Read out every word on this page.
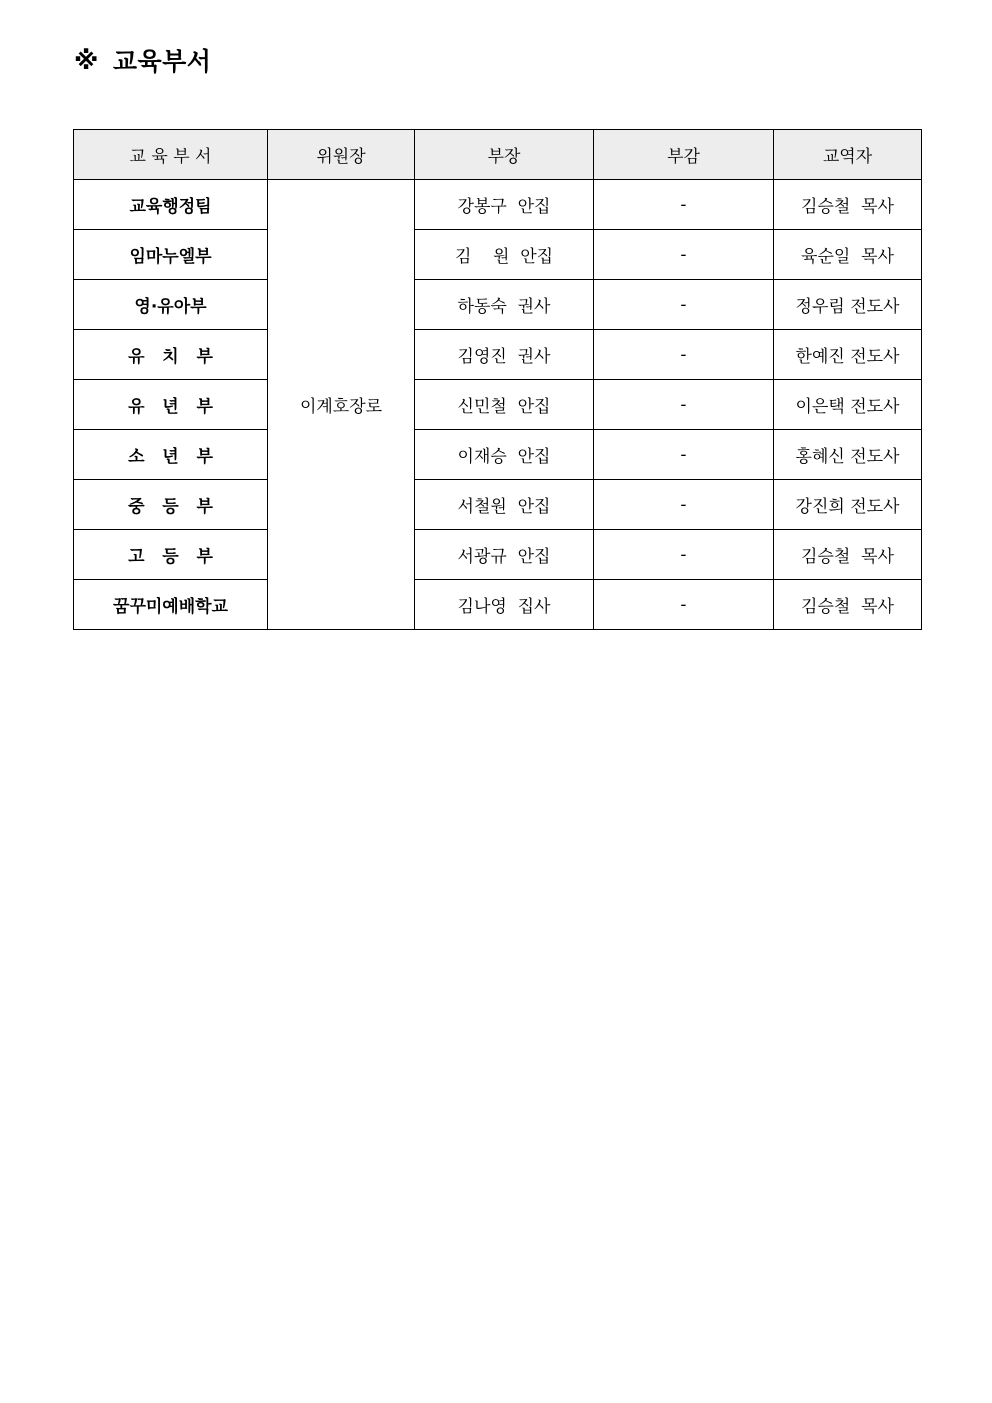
※ 교육부서
교 육 부 서	위원장	부장	부감	교역자
교육행정팀	이계호장로	강봉구  안집	-	김승철  목사
임마누엘부		김    원  안집	-	육순일  목사
영·유아부		하동숙  권사	-	정우림 전도사
유   치   부		김영진  권사	-	한예진 전도사
유   년   부		신민철  안집	-	이은택 전도사
소   년   부		이재승  안집	-	홍혜신 전도사
중   등   부		서철원  안집	-	강진희 전도사
고   등   부		서광규  안집	-	김승철  목사
꿈꾸미예배학교		김나영  집사	-	김승철  목사
